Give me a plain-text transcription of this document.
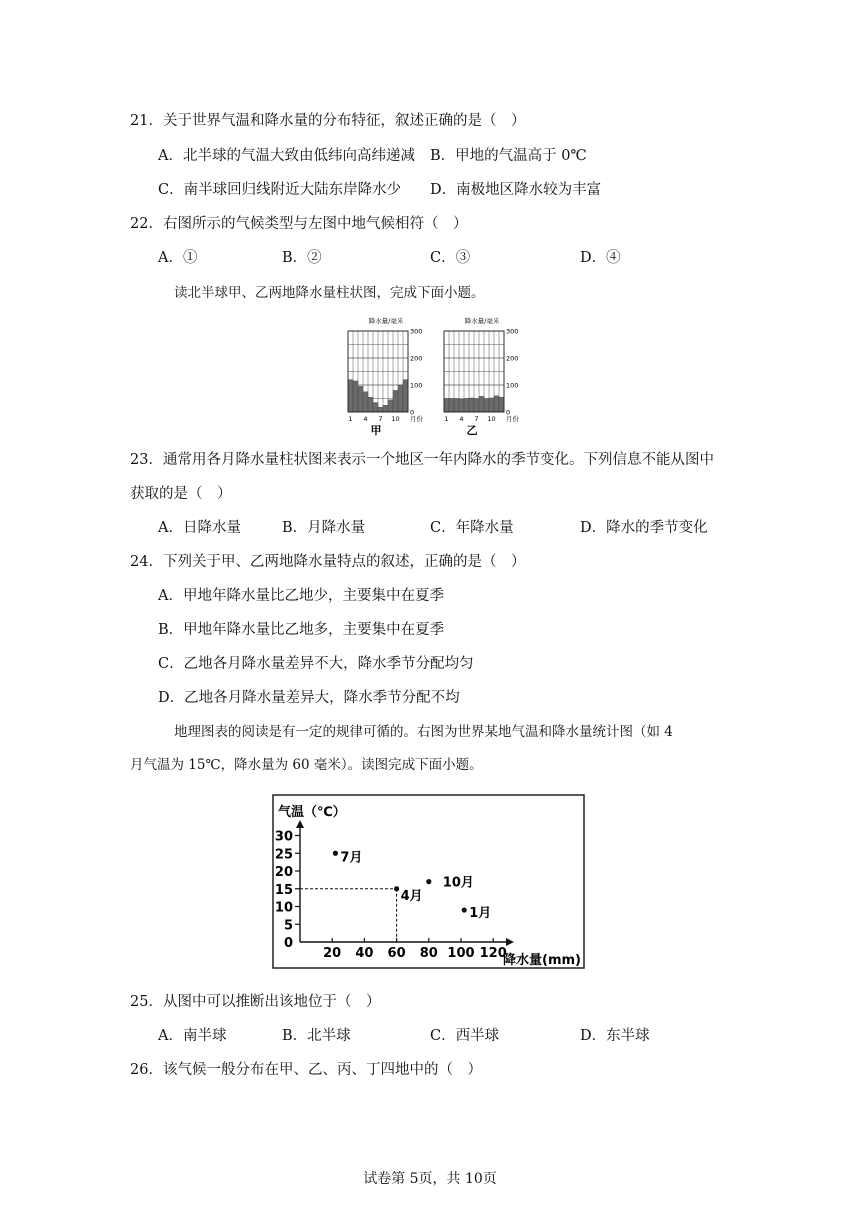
21．关于世界气温和降水量的分布特征，叙述正确的是（　）
A．北半球的气温大致由低纬向高纬递减 B．甲地的气温高于 0℃
C．南半球回归线附近大陆东岸降水少 D．南极地区降水较为丰富
22．右图所示的气候类型与左图中地气候相符（　）
A．①	B．②	C．③	D．④
读北半球甲、乙两地降水量柱状图，完成下面小题。
降水量/毫米
300
200
100
0
1 4 7 10 月份
甲
降水量/毫米
300
200
100
0
1 4 7 10 月份
乙
23．通常用各月降水量柱状图来表示一个地区一年内降水的季节变化。下列信息不能从图中
获取的是（　）
A．日降水量	B．月降水量	C．年降水量	D．降水的季节变化
24．下列关于甲、乙两地降水量特点的叙述，正确的是（　）
A．甲地年降水量比乙地少，主要集中在夏季
B．甲地年降水量比乙地多，主要集中在夏季
C．乙地各月降水量差异不大，降水季节分配均匀
D．乙地各月降水量差异大，降水季节分配不均
地理图表的阅读是有一定的规律可循的。右图为世界某地气温和降水量统计图（如 4
月气温为 15℃，降水量为 60 毫米）。读图完成下面小题。
气温（℃）
0
5
10
15
20
25
30
20 40 60 80 100 120
降水量(mm)
7月
4月
10月
1月
25．从图中可以推断出该地位于（　）
A．南半球	B．北半球	C．西半球	D．东半球
26．该气候一般分布在甲、乙、丙、丁四地中的（　）
试卷第 5页，共 10页
